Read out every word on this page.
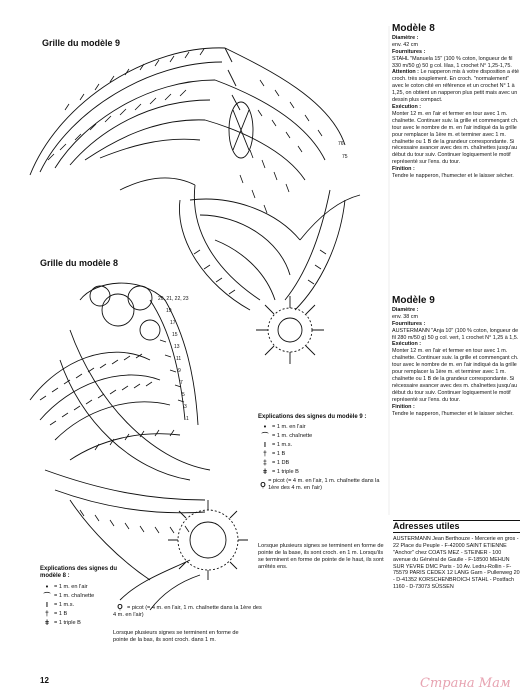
76
75
20, 21, 22, 23
19
17
15
13
11
9
7
5
3
1
Grille du modèle 9
Grille du modèle 8
Modèle 8

Diamètre :
env. 42 cm

Fournitures :
STAHL "Manuela 15" (100 % coton, longueur de fil 330 m/50 g) 50 g col. lilas, 1 crochet N° 1,25-1,75.

Attention : Le napperon mis à votre disposition a été croch. très souplement. En croch. "normalement" avec le coton cité en référence et un crochet N° 1 à 1,25, on obtient un napperon plus petit mais avec un dessin plus compact.

Exécution :
Monter 12 m. en l'air et fermer en tour avec 1 m. chaînette. Continuer suiv. la grille et commençant ch. tour avec le nombre de m. en l'air indiqué da la grille pour remplacer la 1ère m. et terminer avec 1 m. chaînette ou 1 B de la grandeur correspondante. Si nécessaire avancer avec des m. chaînettes jusqu'au début du tour suiv. Continuer logiquement le motif représenté sur l'ens. du tour.

Finition :
Tendre le napperon, l'humecter et le laisser sécher.

Modèle 9

Diamètre :
env. 38 cm

Fournitures :
AUSTERMANN "Anja 10" (100 % coton, longueur de fil 280 m/50 g) 50 g col. vert, 1 crochet N° 1,25 à 1,5.

Exécution :
Monter 12 m. en l'air et fermer en tour avec 1 m. chaînette. Continuer suiv. la grille et commençant ch. tour avec le nombre de m. en l'air indiqué da la grille pour remplacer la 1ère m. et terminer avec 1 m. chaînette ou 1 B de la grandeur correspondante. Si nécessaire avancer avec des m. chaînettes jusqu'au début du tour suiv. Continuer logiquement le motif représenté sur l'ens. du tour.

Finition :
Tendre le napperon, l'humecter et le laisser sécher.

Adresses utiles
AUSTERMANN Jean Berthouze - Mercerie en gros - 22 Place du Peuple - F-42000 SAINT ETIENNE "Anchor" chez COATS MEZ - STEINER - 100 avenue du Général de Gaulle - F-18500 MEHUN SUR YEVRE DMC Paris - 10 Av. Ledru-Rollin - F-75579 PARIS CEDEX 12 LANG Garn - Pullenweg 20 - D-41352 KORSCHENBROICH STAHL - Postfach 1160 - D-73073 SÜSSEN
Explications des signes du modèle 9 :
•	= 1 m. en l'air
⌒ = 1 m. chaînette
I	= 1 m.s.
† = 1 B
‡ = 1 DB
ǂ = 1 triple B
Ọ
= picot (= 4 m. en l'air, 1 m. chaînette dans la 1ère des 4 m. en l'air)
Lorsque plusieurs signes se terminent en forme de pointe de la base, ils sont croch. en 1 m. Lorsqu'ils se terminent en forme de pointe de le haut, ils sont arrêtés ens.
Explications des signes du modèle 8 :
•	= 1 m. en l'air
⌒ = 1 m. chaînette
I	= 1 m.s.
† = 1 B
ǂ = 1 triple B
Ọ = picot (= 4 m. en l'air, 1 m. chaînette dans la 1ère des 4 m. en l'air)
Lorsque plusieurs signes se terminent en forme de pointe de la bas, ils sont croch. dans 1 m.
12	Страна Мам
